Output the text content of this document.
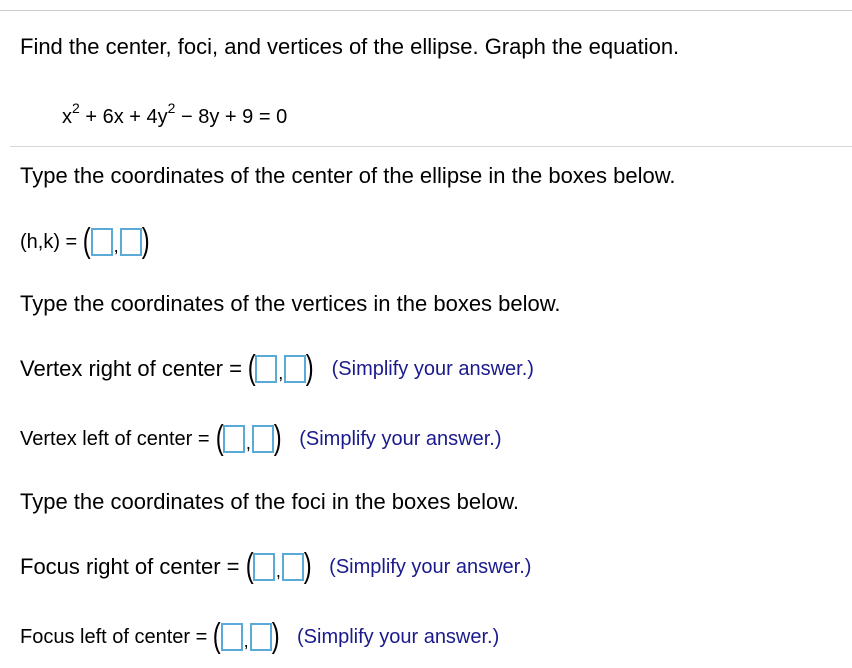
Find the center, foci, and vertices of the ellipse. Graph the equation.
$x^2 + 6x + 4y^2 - 8y + 9 = 0$
Type the coordinates of the center of the ellipse in the boxes below.
(h,k) = ( , )
Type the coordinates of the vertices in the boxes below.
Vertex right of center = ( , ) (Simplify your answer.)
Vertex left of center = ( , ) (Simplify your answer.)
Type the coordinates of the foci in the boxes below.
Focus right of center = ( , ) (Simplify your answer.)
Focus left of center = ( , ) (Simplify your answer.)
